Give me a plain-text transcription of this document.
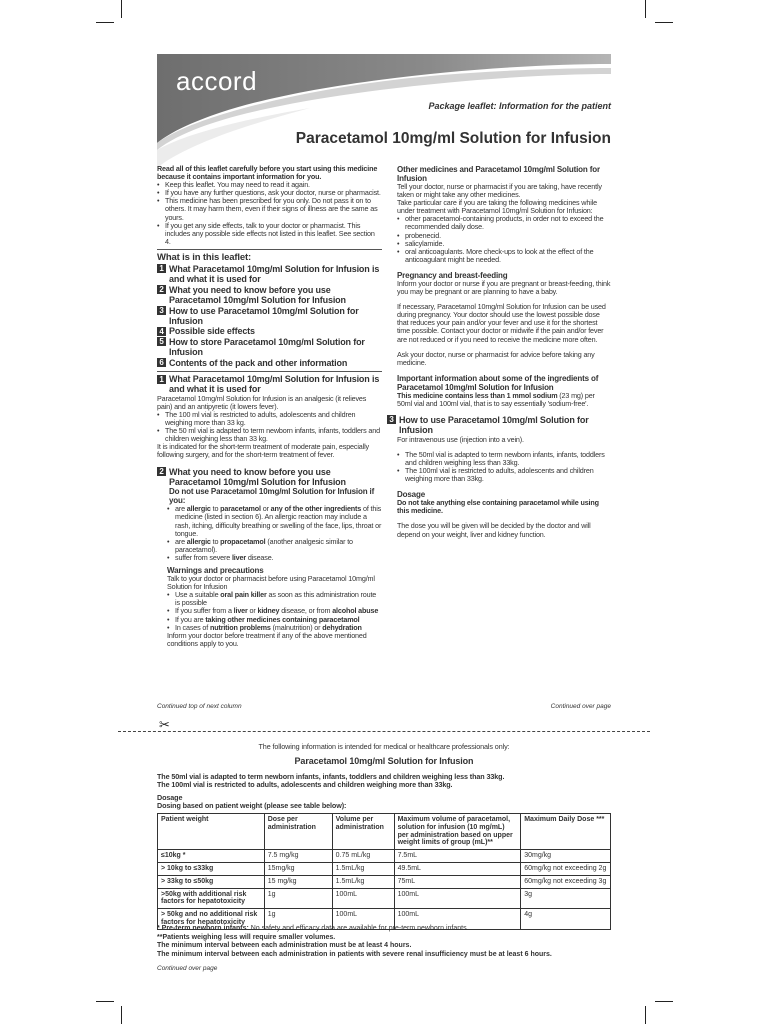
accord
Package leaflet: Information for the patient
Paracetamol 10mg/ml Solution for Infusion
Read all of this leaflet carefully before you start using this medicine because it contains important information for you.
• Keep this leaflet. You may need to read it again.
• If you have any further questions, ask your doctor, nurse or pharmacist.
• This medicine has been prescribed for you only. Do not pass it on to others. It may harm them, even if their signs of illness are the same as yours.
• If you get any side effects, talk to your doctor or pharmacist. This includes any possible side effects not listed in this leaflet. See section 4.
What is in this leaflet:
1 What Paracetamol 10mg/ml Solution for Infusion is and what it is used for
2 What you need to know before you use Paracetamol 10mg/ml Solution for Infusion
3 How to use Paracetamol 10mg/ml Solution for Infusion
4 Possible side effects
5 How to store Paracetamol 10mg/ml Solution for Infusion
6 Contents of the pack and other information
1 What Paracetamol 10mg/ml Solution for Infusion is and what it is used for
Paracetamol 10mg/ml Solution for Infusion is an analgesic (it relieves pain) and an antipyretic (it lowers fever).
• The 100 ml vial is restricted to adults, adolescents and children weighing more than 33 kg.
• The 50 ml vial is adapted to term newborn infants, infants, toddlers and children weighing less than 33 kg.
It is indicated for the short-term treatment of moderate pain, especially following surgery, and for the short-term treatment of fever.
2 What you need to know before you use Paracetamol 10mg/ml Solution for Infusion
Do not use Paracetamol 10mg/ml Solution for Infusion if you:
• are allergic to paracetamol or any of the other ingredients of this medicine (listed in section 6). An allergic reaction may include a rash, itching, difficulty breathing or swelling of the face, lips, throat or tongue.
• are allergic to propacetamol (another analgesic similar to paracetamol).
• suffer from severe liver disease.
Warnings and precautions
Talk to your doctor or pharmacist before using Paracetamol 10mg/ml Solution for Infusion
• Use a suitable oral pain killer as soon as this administration route is possible
• If you suffer from a liver or kidney disease, or from alcohol abuse
• If you are taking other medicines containing paracetamol
• In cases of nutrition problems (malnutrition) or dehydration
Inform your doctor before treatment if any of the above mentioned conditions apply to you.
Continued top of next column
Other medicines and Paracetamol 10mg/ml Solution for Infusion
Tell your doctor, nurse or pharmacist if you are taking, have recently taken or might take any other medicines.
Take particular care if you are taking the following medicines while under treatment with Paracetamol 10mg/ml Solution for Infusion:
• other paracetamol-containing products, in order not to exceed the recommended daily dose.
• probenecid.
• salicylamide.
• oral anticoagulants. More check-ups to look at the effect of the anticoagulant might be needed.
Pregnancy and breast-feeding
Inform your doctor or nurse if you are pregnant or breast-feeding, think you may be pregnant or are planning to have a baby.
If necessary, Paracetamol 10mg/ml Solution for Infusion can be used during pregnancy. Your doctor should use the lowest possible dose that reduces your pain and/or your fever and use it for the shortest time possible. Contact your doctor or midwife if the pain and/or fever are not reduced or if you need to receive the medicine more often.
Ask your doctor, nurse or pharmacist for advice before taking any medicine.
Important information about some of the ingredients of Paracetamol 10mg/ml Solution for Infusion
This medicine contains less than 1 mmol sodium (23 mg) per 50ml vial and 100ml vial, that is to say essentially 'sodium-free'.
3 How to use Paracetamol 10mg/ml Solution for Infusion
For intravenous use (injection into a vein).
• The 50ml vial is adapted to term newborn infants, infants, toddlers and children weighing less than 33kg.
• The 100ml vial is restricted to adults, adolescents and children weighing more than 33kg.
Dosage
Do not take anything else containing paracetamol while using this medicine.
The dose you will be given will be decided by the doctor and will depend on your weight, liver and kidney function.
Continued over page
✂
The following information is intended for medical or healthcare professionals only:
Paracetamol 10mg/ml Solution for Infusion
The 50ml vial is adapted to term newborn infants, infants, toddlers and children weighing less than 33kg.
The 100ml vial is restricted to adults, adolescents and children weighing more than 33kg.
Dosage
Dosing based on patient weight (please see table below):
Patient weight	Dose per administration	Volume per administration	Maximum volume of paracetamol, solution for infusion (10 mg/mL) per administration based on upper weight limits of group (mL)**	Maximum Daily Dose ***
≤10kg *	7.5 mg/kg	0.75 mL/kg	7.5mL	30mg/kg
> 10kg to ≤33kg	15mg/kg	1.5mL/kg	49.5mL	60mg/kg not exceeding 2g
> 33kg to ≤50kg	15 mg/kg	1.5mL/kg	75mL	60mg/kg not exceeding 3g
>50kg with additional risk factors for hepatotoxicity	1g	100mL	100mL	3g
> 50kg and no additional risk factors for hepatotoxicity	1g	100mL	100mL	4g
* Pre-term newborn infants: No safety and efficacy data are available for pre-term newborn infants.
**Patients weighing less will require smaller volumes.
The minimum interval between each administration must be at least 4 hours.
The minimum interval between each administration in patients with severe renal insufficiency must be at least 6 hours.
Continued over page
